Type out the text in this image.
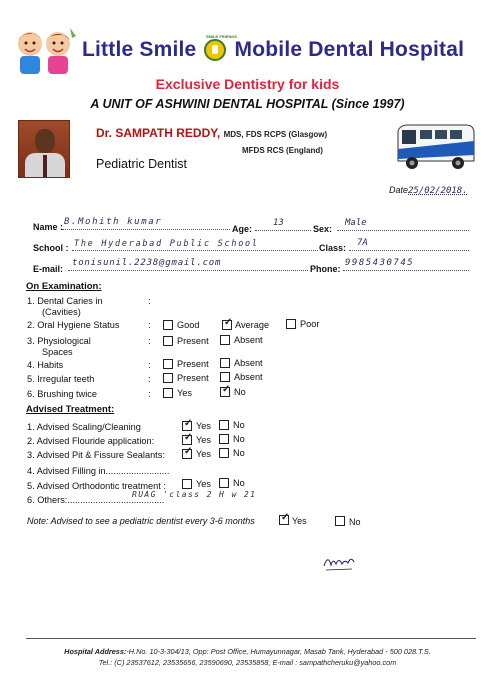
Little Smile Mobile Dental Hospital
SMILE FRIENDS
Exclusive Dentistry for kids
A UNIT OF ASHWINI DENTAL HOSPITAL (Since 1997)
Dr. SAMPATH REDDY, MDS, FDS RCPS (Glasgow)
MFDS RCS (England)
Pediatric Dentist
Date25/02/2018.
Name : B.Mohith kumar
Age:
13
Sex:
Male
School : The Hyderabad Public School	Class: 7A
E-mail:
tonisunil.2238@gmail.com
Phone:
9985430745
On Examination:
1. Dental Caries in
(Cavities)
:
2. Oral Hygiene Status	:	Good ✓ Average	Poor
3. Physiological
Spaces
:	Present	Absent
4. Habits	:	Present	Absent
5. Irregular teeth	:	Present	Absent
6. Brushing twice	:	Yes	✓ No
Advised Treatment:
1. Advised Scaling/Cleaning	✓ Yes No
2. Advised Flouride application:	✓ Yes No
3. Advised Pit & Fissure Sealants: ✓ Yes No
4. Advised Filling in.........................
5. Advised Orthodontic treatment :	Yes No
6. Others:......................................
RUAG 'class 2 H w 21
Note: Advised to see a pediatric dentist every 3-6 months	✓ Yes	No
Hospital Address:-H.No. 10-3-304/13, Opp: Post Office, Humayunnagar, Masab Tank, Hyderabad - 500 028.T.S.
Tel.: (C) 23537612, 23535656, 23590690, 23535858, E-mail : sampathcheruku@yahoo.com
